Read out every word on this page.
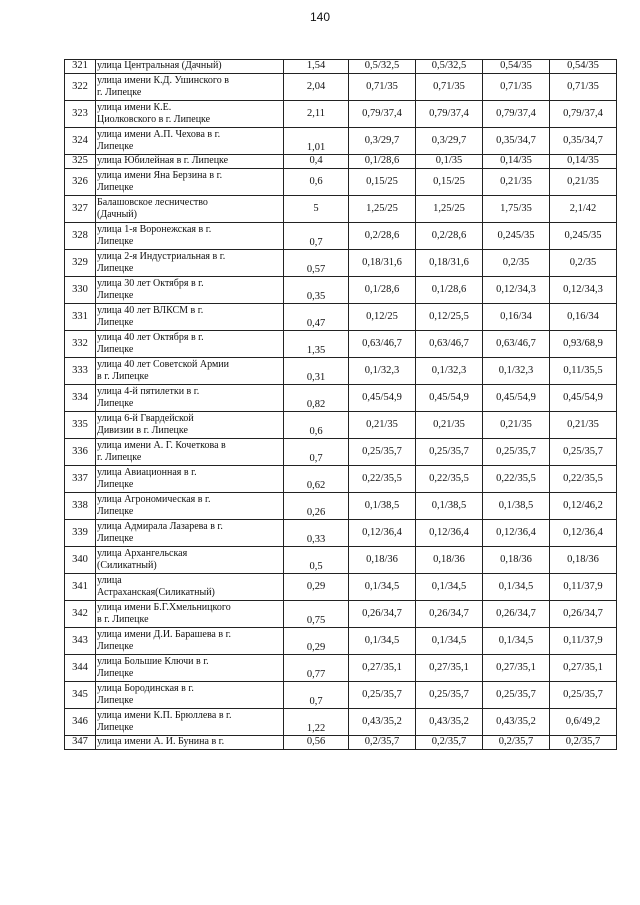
140
321	улица Центральная (Дачный)	1,54	0,5/32,5	0,5/32,5	0,54/35	0,54/35
322	улица имени К.Д. Ушинского в
г. Липецке	2,04	0,71/35	0,71/35	0,71/35	0,71/35
323	улица имени К.Е.
Циолковского в г. Липецке	2,11	0,79/37,4	0,79/37,4	0,79/37,4	0,79/37,4
324	улица имени А.П. Чехова в г.
Липецке	1,01	0,3/29,7	0,3/29,7	0,35/34,7	0,35/34,7
325	улица Юбилейная в г. Липецке	0,4	0,1/28,6	0,1/35	0,14/35	0,14/35
326	улица имени Яна Берзина в г.
Липецке	0,6	0,15/25	0,15/25	0,21/35	0,21/35
327	Балашовское лесничество
(Дачный)	5	1,25/25	1,25/25	1,75/35	2,1/42
328	улица 1-я Воронежская в г.
Липецке	0,7	0,2/28,6	0,2/28,6	0,245/35	0,245/35
329	улица 2-я Индустриальная в г.
Липецке	0,57	0,18/31,6	0,18/31,6	0,2/35	0,2/35
330	улица 30 лет Октября в г.
Липецке	0,35	0,1/28,6	0,1/28,6	0,12/34,3	0,12/34,3
331	улица 40 лет ВЛКСМ в г.
Липецке	0,47	0,12/25	0,12/25,5	0,16/34	0,16/34
332	улица 40 лет Октября в г.
Липецке	1,35	0,63/46,7	0,63/46,7	0,63/46,7	0,93/68,9
333	улица 40 лет Советской Армии
в г. Липецке	0,31	0,1/32,3	0,1/32,3	0,1/32,3	0,11/35,5
334	улица 4-й пятилетки в г.
Липецке	0,82	0,45/54,9	0,45/54,9	0,45/54,9	0,45/54,9
335	улица 6-й Гвардейской
Дивизии в г. Липецке	0,6	0,21/35	0,21/35	0,21/35	0,21/35
336	улица имени А. Г. Кочеткова в
г. Липецке	0,7	0,25/35,7	0,25/35,7	0,25/35,7	0,25/35,7
337	улица Авиационная в г.
Липецке	0,62	0,22/35,5	0,22/35,5	0,22/35,5	0,22/35,5
338	улица Агрономическая в г.
Липецке	0,26	0,1/38,5	0,1/38,5	0,1/38,5	0,12/46,2
339	улица Адмирала Лазарева в г.
Липецке	0,33	0,12/36,4	0,12/36,4	0,12/36,4	0,12/36,4
340	улица Архангельская
(Силикатный)	0,5	0,18/36	0,18/36	0,18/36	0,18/36
341	улица
Астраханская(Силикатный)	0,29	0,1/34,5	0,1/34,5	0,1/34,5	0,11/37,9
342	улица имени Б.Г.Хмельницкого
в г. Липецке	0,75	0,26/34,7	0,26/34,7	0,26/34,7	0,26/34,7
343	улица имени Д.И. Барашева в г.
Липецке	0,29	0,1/34,5	0,1/34,5	0,1/34,5	0,11/37,9
344	улица Большие Ключи в г.
Липецке	0,77	0,27/35,1	0,27/35,1	0,27/35,1	0,27/35,1
345	улица Бородинская в г.
Липецке	0,7	0,25/35,7	0,25/35,7	0,25/35,7	0,25/35,7
346	улица имени К.П. Брюллева в г.
Липецке	1,22	0,43/35,2	0,43/35,2	0,43/35,2	0,6/49,2
347	улица имени А. И. Бунина в г.	0,56	0,2/35,7	0,2/35,7	0,2/35,7	0,2/35,7
